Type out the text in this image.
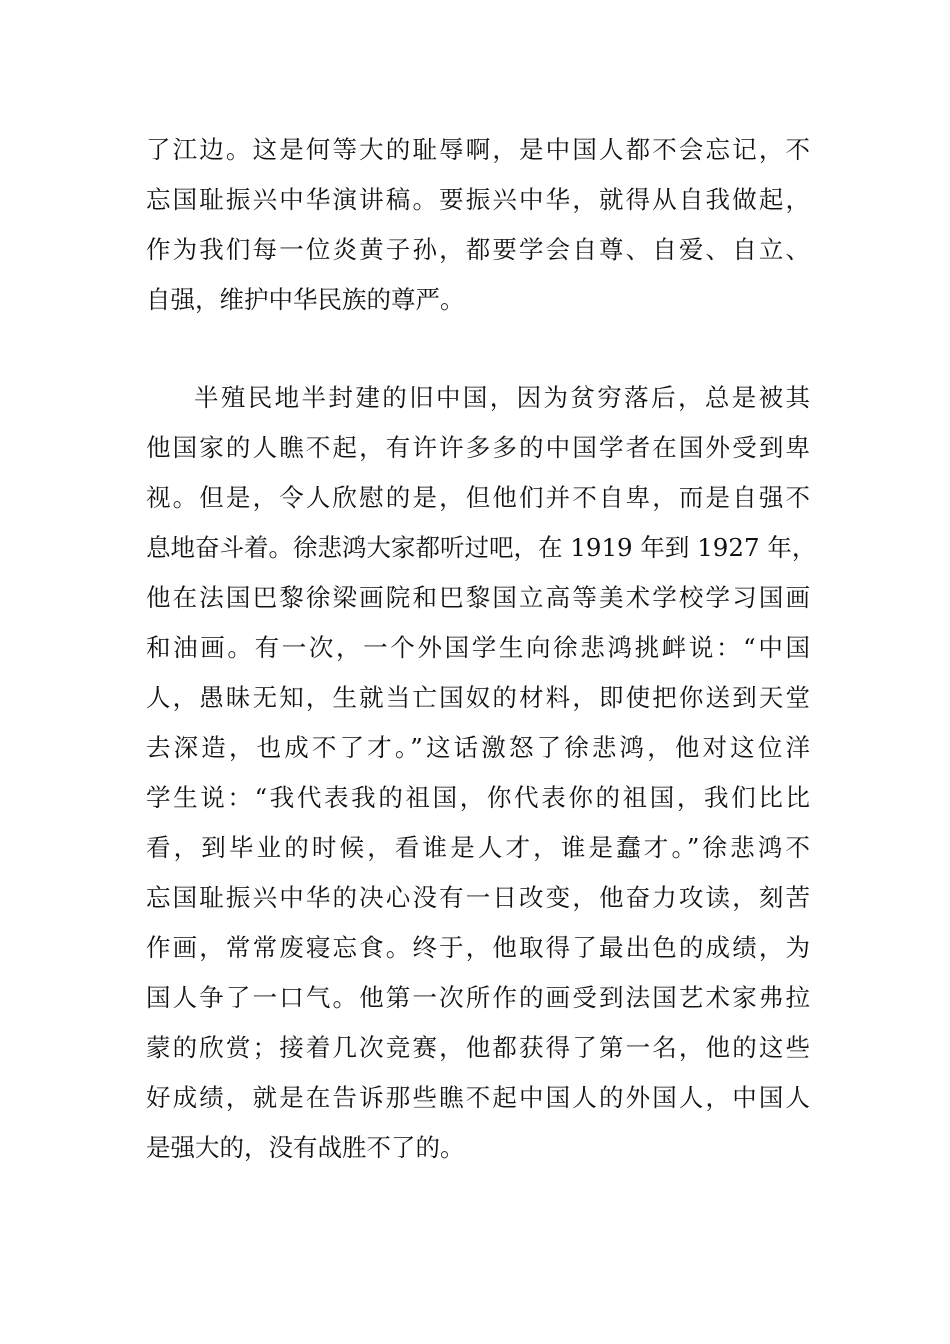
了江边。这是何等大的耻辱啊，是中国人都不会忘记，不
忘国耻振兴中华演讲稿。要振兴中华，就得从自我做起，
作为我们每一位炎黄子孙，都要学会自尊、自爱、自立、
自强，维护中华民族的尊严。
半殖民地半封建的旧中国，因为贫穷落后，总是被其
他国家的人瞧不起，有许许多多的中国学者在国外受到卑
视。但是，令人欣慰的是，但他们并不自卑，而是自强不
息地奋斗着。徐悲鸿大家都听过吧，在 1919 年到 1927 年，
他在法国巴黎徐梁画院和巴黎国立高等美术学校学习国画
和油画。有一次，一个外国学生向徐悲鸿挑衅说：“中国
人，愚昧无知，生就当亡国奴的材料，即使把你送到天堂
去深造，也成不了才。”这话激怒了徐悲鸿，他对这位洋
学生说：“我代表我的祖国，你代表你的祖国，我们比比
看，到毕业的时候，看谁是人才，谁是蠢才。”徐悲鸿不
忘国耻振兴中华的决心没有一日改变，他奋力攻读，刻苦
作画，常常废寝忘食。终于，他取得了最出色的成绩，为
国人争了一口气。他第一次所作的画受到法国艺术家弗拉
蒙的欣赏；接着几次竞赛，他都获得了第一名，他的这些
好成绩，就是在告诉那些瞧不起中国人的外国人，中国人
是强大的，没有战胜不了的。
